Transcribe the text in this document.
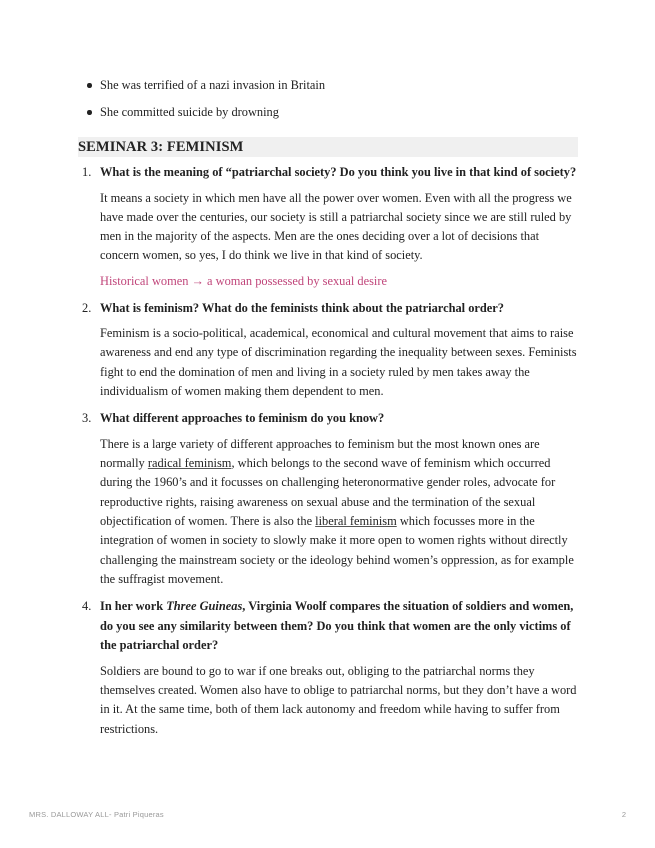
She was terrified of a nazi invasion in Britain
She committed suicide by drowning
SEMINAR 3: FEMINISM
1. What is the meaning of “patriarchal society? Do you think you live in that kind of society?
It means a society in which men have all the power over women. Even with all the progress we have made over the centuries, our society is still a patriarchal society since we are still ruled by men in the majority of the aspects. Men are the ones deciding over a lot of decisions that concern women, so yes, I do think we live in that kind of society.
Historical women → a woman possessed by sexual desire
2. What is feminism? What do the feminists think about the patriarchal order?
Feminism is a socio-political, academical, economical and cultural movement that aims to raise awareness and end any type of discrimination regarding the inequality between sexes. Feminists fight to end the domination of men and living in a society ruled by men takes away the individualism of women making them dependent to men.
3. What different approaches to feminism do you know?
There is a large variety of different approaches to feminism but the most known ones are normally radical feminism, which belongs to the second wave of feminism which occurred during the 1960’s and it focusses on challenging heteronormative gender roles, advocate for reproductive rights, raising awareness on sexual abuse and the termination of the sexual objectification of women. There is also the liberal feminism which focusses more in the integration of women in society to slowly make it more open to women rights without directly challenging the mainstream society or the ideology behind women’s oppression, as for example the suffragist movement.
4. In her work Three Guineas, Virginia Woolf compares the situation of soldiers and women, do you see any similarity between them? Do you think that women are the only victims of the patriarchal order?
Soldiers are bound to go to war if one breaks out, obliging to the patriarchal norms they themselves created. Women also have to oblige to patriarchal norms, but they don’t have a word in it. At the same time, both of them lack autonomy and freedom while having to suffer from restrictions.
MRS. DALLOWAY ALL- Patri Piqueras	2
